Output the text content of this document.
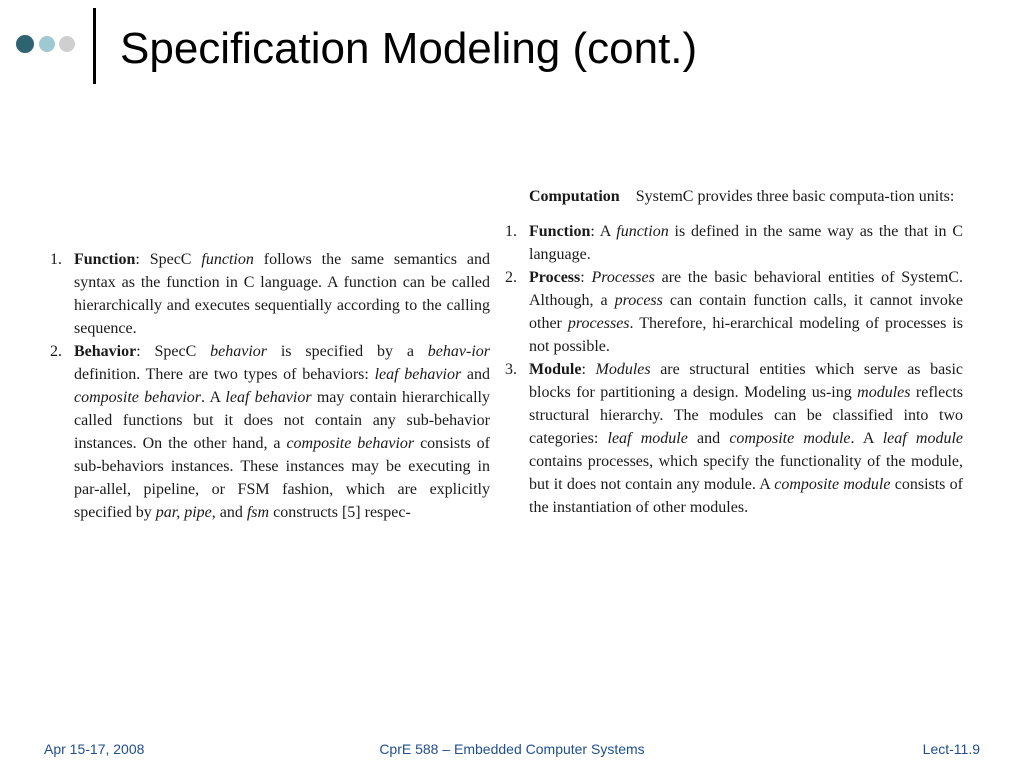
Specification Modeling (cont.)

1. Function: SpecC function follows the same semantics and syntax as the function in C language. A function can be called hierarchically and executes sequentially according to the calling sequence.

2. Behavior: SpecC behavior is specified by a behav-ior definition. There are two types of behaviors: leaf behavior and composite behavior. A leaf behavior may contain hierarchically called functions but it does not contain any sub-behavior instances. On the other hand, a composite behavior consists of sub-behaviors instances. These instances may be executing in par-allel, pipeline, or FSM fashion, which are explicitly specified by par, pipe, and fsm constructs [5] respec-

Computation SystemC provides three basic computa-tion units:

1. Function: A function is defined in the same way as the that in C language.

2. Process: Processes are the basic behavioral entities of SystemC. Although, a process can contain function calls, it cannot invoke other processes. Therefore, hi-erarchical modeling of processes is not possible.

3. Module: Modules are structural entities which serve as basic blocks for partitioning a design. Modeling us-ing modules reflects structural hierarchy. The modules can be classified into two categories: leaf module and composite module. A leaf module contains processes, which specify the functionality of the module, but it does not contain any module. A composite module consists of the instantiation of other modules.

Apr 15-17, 2008	CprE 588 – Embedded Computer Systems	Lect-11.9
